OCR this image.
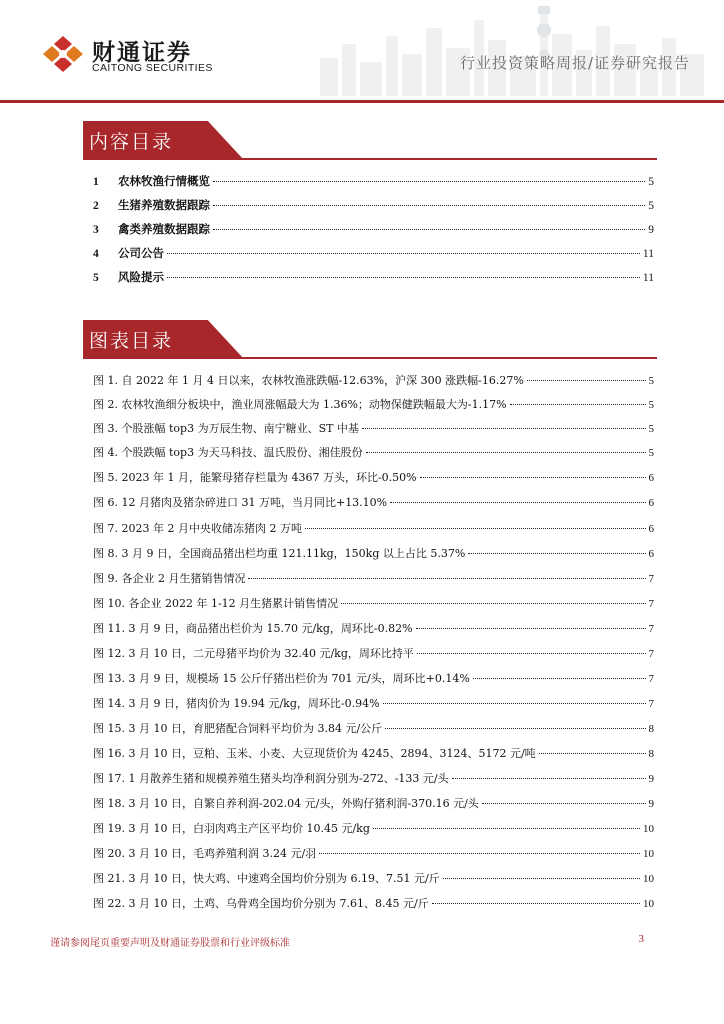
财通证券
CAITONG SECURITIES	行业投资策略周报/证券研究报告
内容目录
1	农林牧渔行情概览	5
2	生猪养殖数据跟踪	5
3	禽类养殖数据跟踪	9
4	公司公告	11
5	风险提示	11
图表目录
图 1. 自 2022 年 1 月 4 日以来，农林牧渔涨跌幅-12.63%，沪深 300 涨跌幅-16.27%	5
图 2. 农林牧渔细分板块中，渔业周涨幅最大为 1.36%；动物保健跌幅最大为-1.17%	5
图 3. 个股涨幅 top3 为万辰生物、南宁糖业、ST 中基	5
图 4. 个股跌幅 top3 为天马科技、温氏股份、湘佳股份	5
图 5. 2023 年 1 月，能繁母猪存栏量为 4367 万头，环比-0.50%	6
图 6. 12 月猪肉及猪杂碎进口 31 万吨，当月同比+13.10%	6
图 7. 2023 年 2 月中央收储冻猪肉 2 万吨	6
图 8. 3 月 9 日，全国商品猪出栏均重 121.11kg，150kg 以上占比 5.37%	6
图 9. 各企业 2 月生猪销售情况	7
图 10. 各企业 2022 年 1-12 月生猪累计销售情况	7
图 11. 3 月 9 日，商品猪出栏价为 15.70 元/kg，周环比-0.82%	7
图 12. 3 月 10 日，二元母猪平均价为 32.40 元/kg，周环比持平	7
图 13. 3 月 9 日，规模场 15 公斤仔猪出栏价为 701 元/头，周环比+0.14%	7
图 14. 3 月 9 日，猪肉价为 19.94 元/kg，周环比-0.94%	7
图 15. 3 月 10 日，育肥猪配合饲料平均价为 3.84 元/公斤	8
图 16. 3 月 10 日，豆粕、玉米、小麦、大豆现货价为 4245、2894、3124、5172 元/吨	8
图 17. 1 月散养生猪和规模养殖生猪头均净利润分别为-272、-133 元/头	9
图 18. 3 月 10 日，自繁自养利润-202.04 元/头，外购仔猪利润-370.16 元/头	9
图 19. 3 月 10 日，白羽肉鸡主产区平均价 10.45 元/kg	10
图 20. 3 月 10 日，毛鸡养殖利润 3.24 元/羽	10
图 21. 3 月 10 日，快大鸡、中速鸡全国均价分别为 6.19、7.51 元/斤	10
图 22. 3 月 10 日，土鸡、乌骨鸡全国均价分别为 7.61、8.45 元/斤	10
谨请参阅尾页重要声明及财通证券股票和行业评级标准	3
